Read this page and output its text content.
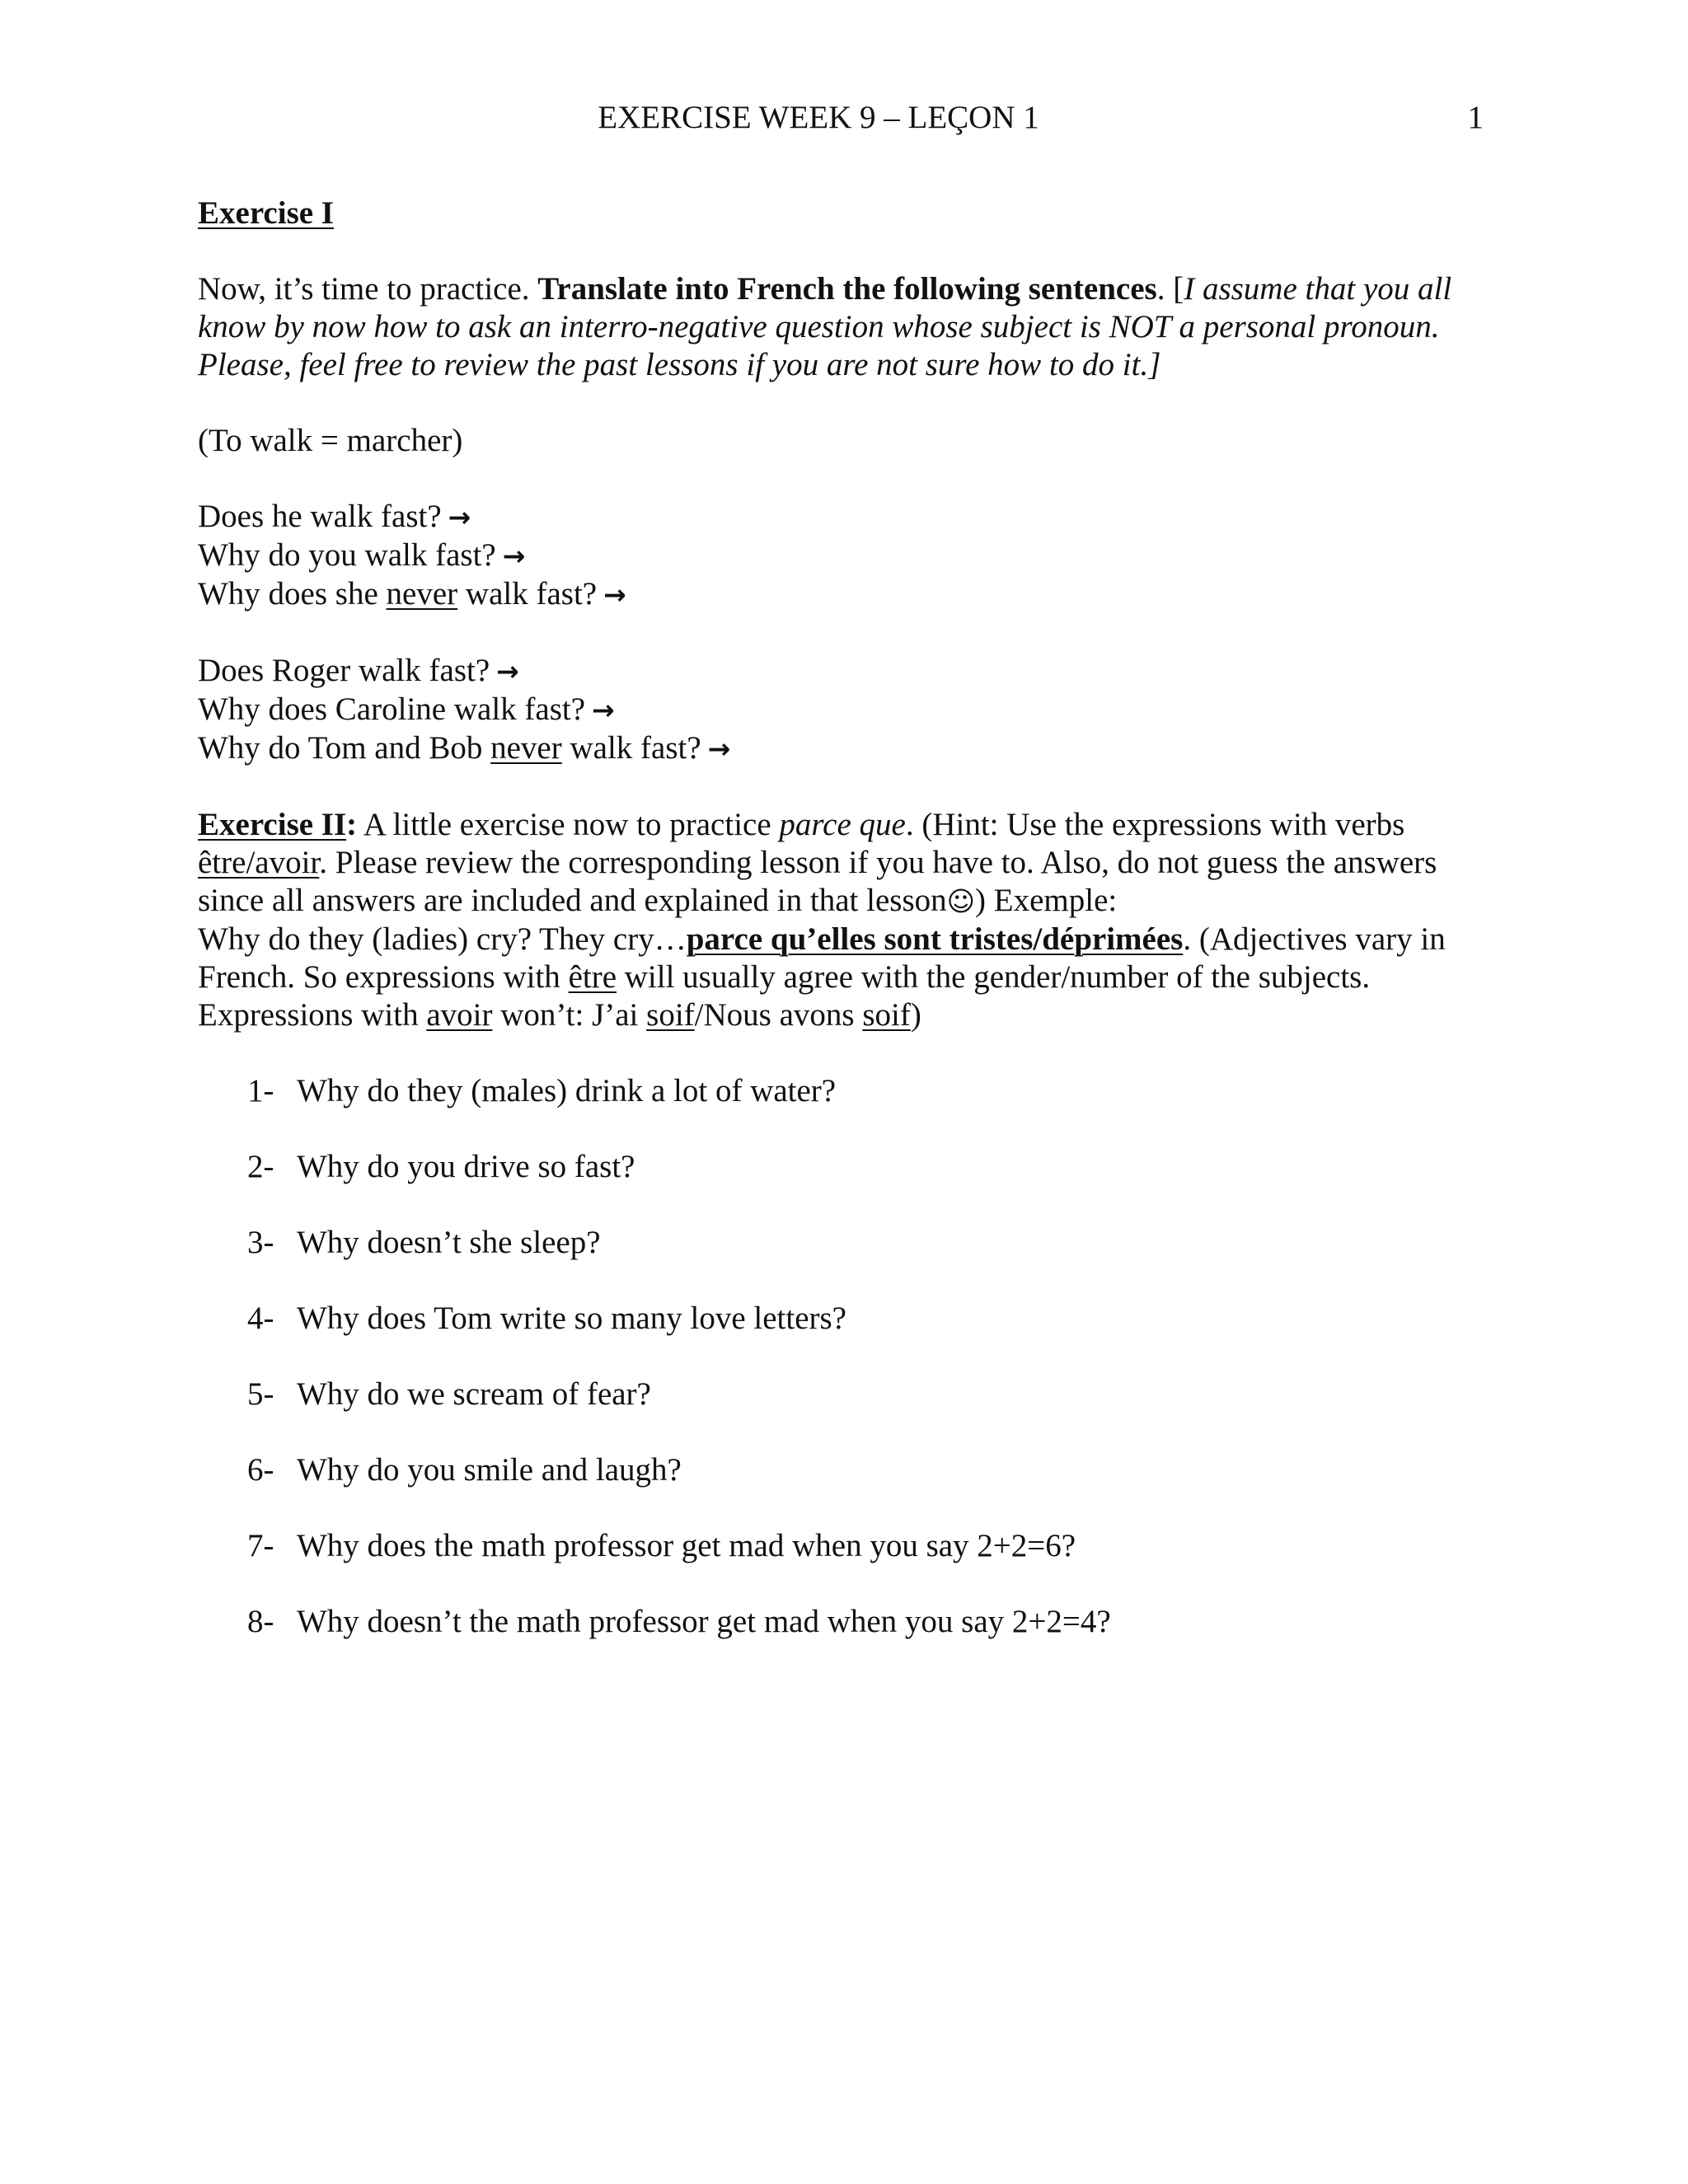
EXERCISE WEEK 9 – LEÇON 1	1

Exercise I

Now, it’s time to practice. Translate into French the following sentences. [I assume that you all know by now how to ask an interro-negative question whose subject is NOT a personal pronoun. Please, feel free to review the past lessons if you are not sure how to do it.]

(To walk = marcher)

Does he walk fast? →

Why do you walk fast? →

Why does she never walk fast? →

Does Roger walk fast? →

Why does Caroline walk fast? →

Why do Tom and Bob never walk fast? →

Exercise II: A little exercise now to practice parce que. (Hint: Use the expressions with verbs être/avoir. Please review the corresponding lesson if you have to. Also, do not guess the answers since all answers are included and explained in that lesson☺) Exemple:
Why do they (ladies) cry? They cry…parce qu’elles sont tristes/déprimées. (Adjectives vary in French. So expressions with être will usually agree with the gender/number of the subjects. Expressions with avoir won’t: J’ai soif/Nous avons soif)

1- Why do they (males) drink a lot of water?
2- Why do you drive so fast?
3- Why doesn’t she sleep?
4- Why does Tom write so many love letters?
5- Why do we scream of fear?
6- Why do you smile and laugh?
7- Why does the math professor get mad when you say 2+2=6?
8- Why doesn’t the math professor get mad when you say 2+2=4?
